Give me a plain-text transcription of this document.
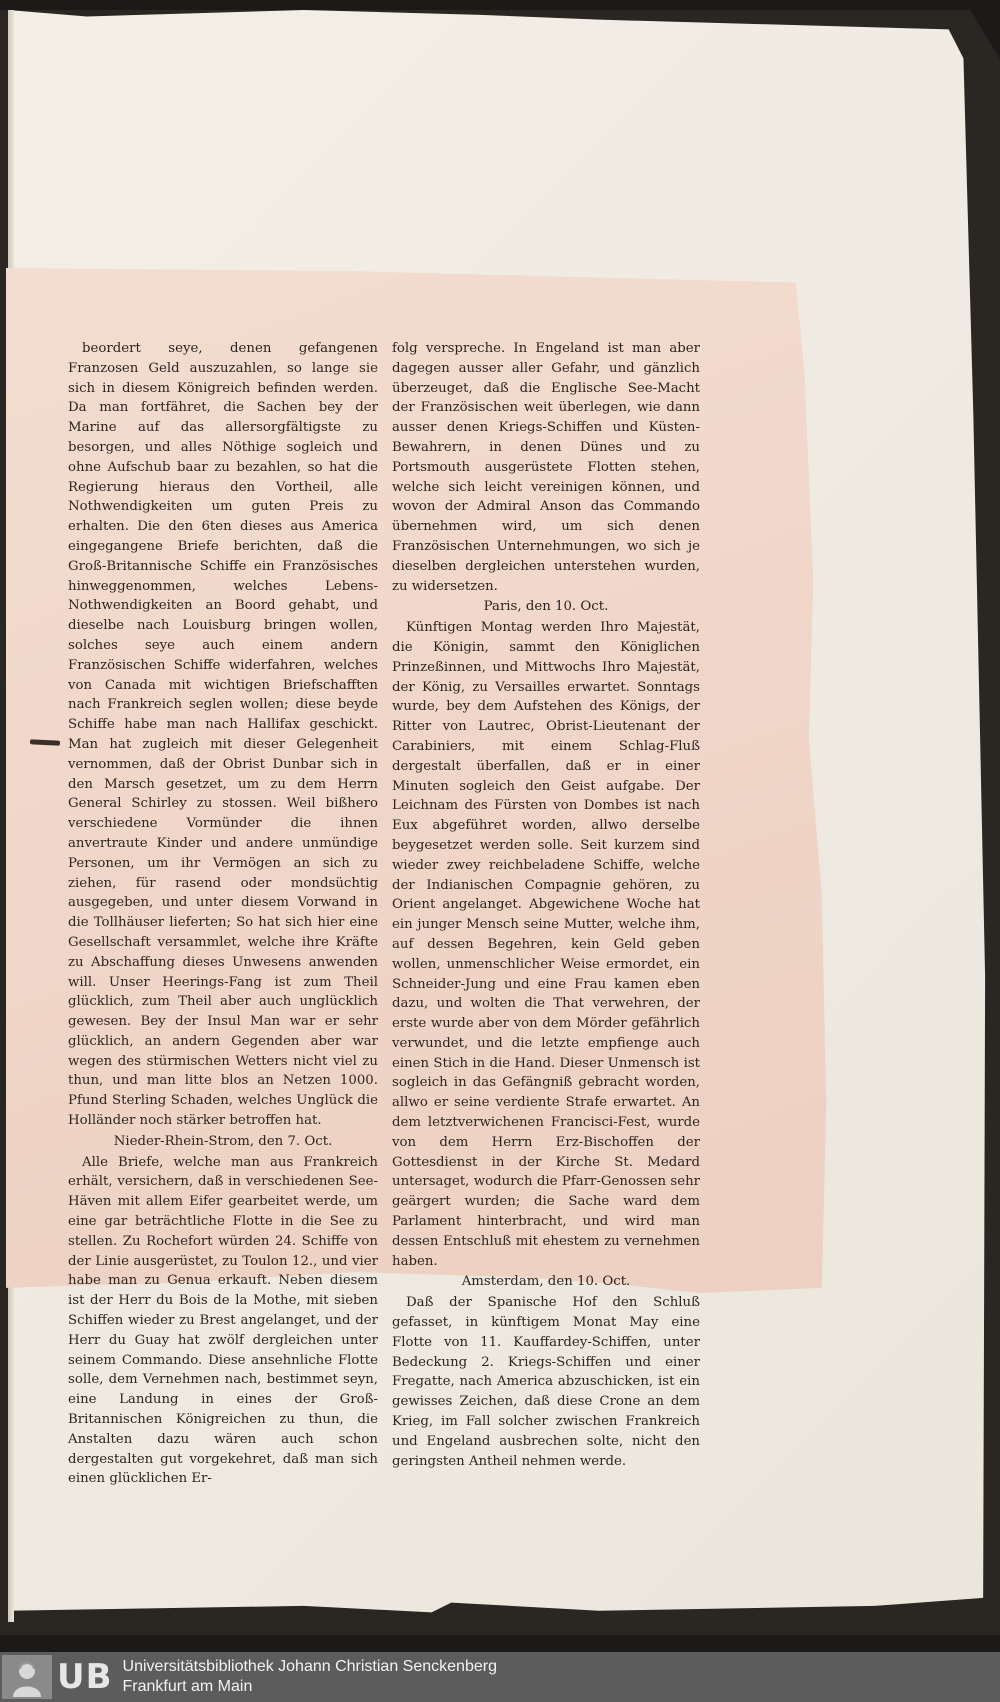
beordert seye, denen gefangenen Franzosen Geld auszuzahlen, so lange sie sich in diesem Königreich befinden werden. Da man fortfähret, die Sachen bey der Marine auf das allersorgfältigste zu besorgen, und alles Nöthige sogleich und ohne Aufschub baar zu bezahlen, so hat die Regierung hieraus den Vortheil, alle Nothwendigkeiten um guten Preis zu erhalten. Die den 6ten dieses aus America eingegangene Briefe berichten, daß die Groß-Britannische Schiffe ein Französisches hinweggenommen, welches Lebens-Nothwendigkeiten an Boord gehabt, und dieselbe nach Louisburg bringen wollen, solches seye auch einem andern Französischen Schiffe widerfahren, welches von Canada mit wichtigen Briefschafften nach Frankreich seglen wollen; diese beyde Schiffe habe man nach Hallifax geschickt. Man hat zugleich mit dieser Gelegenheit vernommen, daß der Obrist Dunbar sich in den Marsch gesetzet, um zu dem Herrn General Schirley zu stossen. Weil bißhero verschiedene Vormünder die ihnen anvertraute Kinder und andere unmündige Personen, um ihr Vermögen an sich zu ziehen, für rasend oder mondsüchtig ausgegeben, und unter diesem Vorwand in die Tollhäuser lieferten; So hat sich hier eine Gesellschaft versammlet, welche ihre Kräfte zu Abschaffung dieses Unwesens anwenden will. Unser Heerings-Fang ist zum Theil glücklich, zum Theil aber auch unglücklich gewesen. Bey der Insul Man war er sehr glücklich, an andern Gegenden aber war wegen des stürmischen Wetters nicht viel zu thun, und man litte blos an Netzen 1000. Pfund Sterling Schaden, welches Unglück die Holländer noch stärker betroffen hat.

Nieder-Rhein-Strom, den 7. Oct.

Alle Briefe, welche man aus Frankreich erhält, versichern, daß in verschiedenen See-Häven mit allem Eifer gearbeitet werde, um eine gar beträchtliche Flotte in die See zu stellen. Zu Rochefort würden 24. Schiffe von der Linie ausgerüstet, zu Toulon 12., und vier habe man zu Genua erkauft. Neben diesem ist der Herr du Bois de la Mothe, mit sieben Schiffen wieder zu Brest angelanget, und der Herr du Guay hat zwölf dergleichen unter seinem Commando. Diese ansehnliche Flotte solle, dem Vernehmen nach, bestimmet seyn, eine Landung in eines der Groß-Britannischen Königreichen zu thun, die Anstalten dazu wären auch schon dergestalten gut vorgekehret, daß man sich einen glücklichen Er-

folg verspreche. In Engeland ist man aber dagegen ausser aller Gefahr, und gänzlich überzeuget, daß die Englische See-Macht der Französischen weit überlegen, wie dann ausser denen Kriegs-Schiffen und Küsten-Bewahrern, in denen Dünes und zu Portsmouth ausgerüstete Flotten stehen, welche sich leicht vereinigen können, und wovon der Admiral Anson das Commando übernehmen wird, um sich denen Französischen Unternehmungen, wo sich je dieselben dergleichen unterstehen wurden, zu widersetzen.

Paris, den 10. Oct.

Künftigen Montag werden Ihro Majestät, die Königin, sammt den Königlichen Prinzeßinnen, und Mittwochs Ihro Majestät, der König, zu Versailles erwartet. Sonntags wurde, bey dem Aufstehen des Königs, der Ritter von Lautrec, Obrist-Lieutenant der Carabiniers, mit einem Schlag-Fluß dergestalt überfallen, daß er in einer Minuten sogleich den Geist aufgabe. Der Leichnam des Fürsten von Dombes ist nach Eux abgeführet worden, allwo derselbe beygesetzet werden solle. Seit kurzem sind wieder zwey reichbeladene Schiffe, welche der Indianischen Compagnie gehören, zu Orient angelanget. Abgewichene Woche hat ein junger Mensch seine Mutter, welche ihm, auf dessen Begehren, kein Geld geben wollen, unmenschlicher Weise ermordet, ein Schneider-Jung und eine Frau kamen eben dazu, und wolten die That verwehren, der erste wurde aber von dem Mörder gefährlich verwundet, und die letzte empfienge auch einen Stich in die Hand. Dieser Unmensch ist sogleich in das Gefängniß gebracht worden, allwo er seine verdiente Strafe erwartet. An dem letztverwichenen Franciscі-Fest, wurde von dem Herrn Erz-Bischoffen der Gottesdienst in der Kirche St. Medard untersaget, wodurch die Pfarr-Genossen sehr geärgert wurden; die Sache ward dem Parlament hinterbracht, und wird man dessen Entschluß mit ehestem zu vernehmen haben.

Amsterdam, den 10. Oct.

Daß der Spanische Hof den Schluß gefasset, in künftigem Monat May eine Flotte von 11. Kauffardey-Schiffen, unter Bedeckung 2. Kriegs-Schiffen und einer Fregatte, nach America abzuschicken, ist ein gewisses Zeichen, daß diese Crone an dem Krieg, im Fall solcher zwischen Frankreich und Engeland ausbrechen solte, nicht den geringsten Antheil nehmen werde.

UB Universitätsbibliothek Johann Christian Senckenberg
Frankfurt am Main
